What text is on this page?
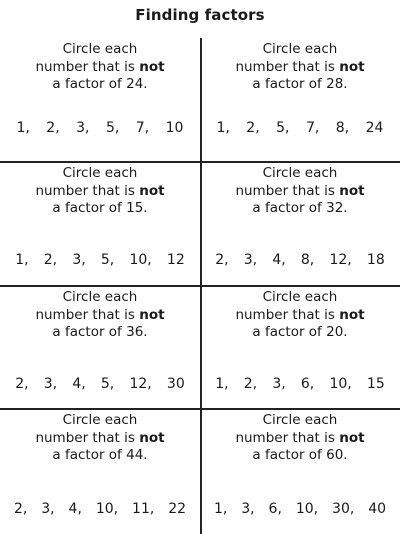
Finding factors
Circle each
number that is not
a factor of 24.
1, 2, 3, 5, 7, 10
Circle each
number that is not
a factor of 28.
1, 2, 5, 7, 8, 24
Circle each
number that is not
a factor of 15.
1, 2, 3, 5, 10, 12
Circle each
number that is not
a factor of 32.
2, 3, 4, 8, 12, 18
Circle each
number that is not
a factor of 36.
2, 3, 4, 5, 12, 30
Circle each
number that is not
a factor of 20.
1, 2, 3, 6, 10, 15
Circle each
number that is not
a factor of 44.
2, 3, 4, 10, 11, 22
Circle each
number that is not
a factor of 60.
1, 3, 6, 10, 30, 40
